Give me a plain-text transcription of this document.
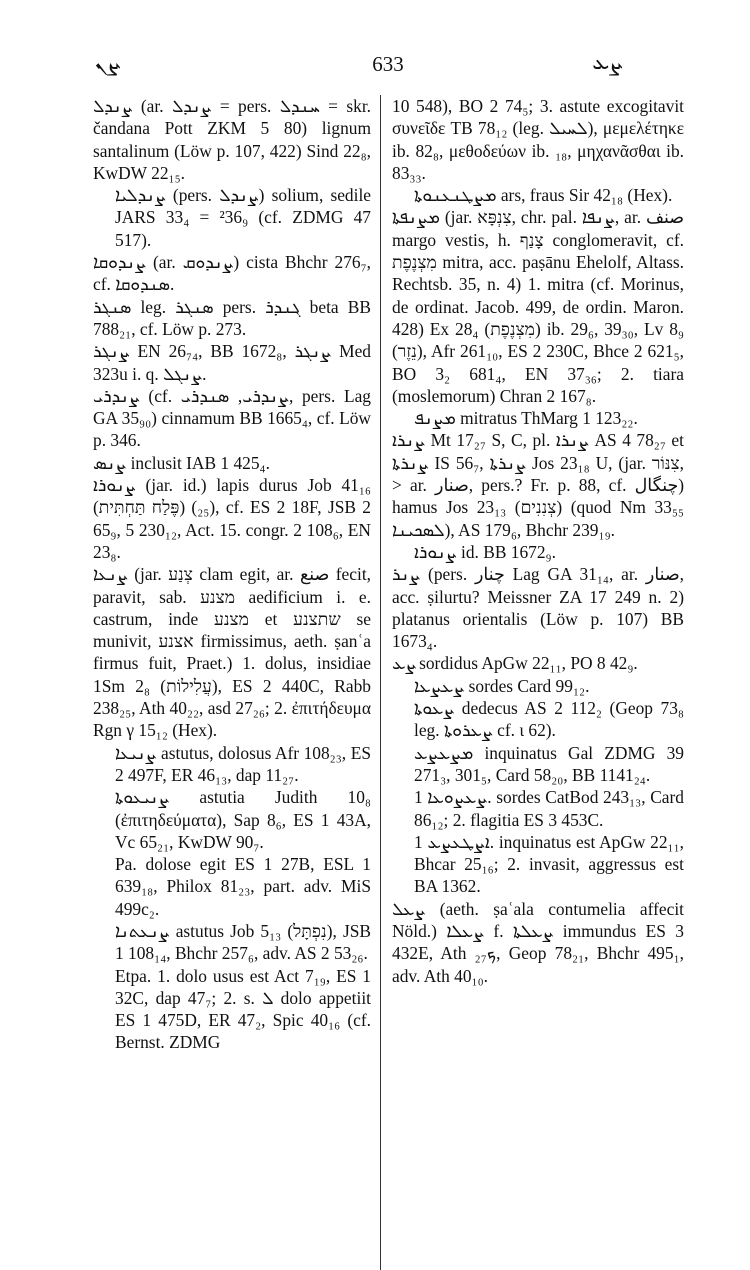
ܨܢ	633	ܨܥ

ܨܢܕܠ (ar. ܨܢܕܠ = pers. ܚܢܕܠ = skr. čandana Pott ZKM 5 80) lignum santalinum (Löw p. 107, 422) Sind 22₈, KwDW 22₁₅.

ܨܢܕܠܝܐ (pers. ܨܢܕܠ) solium, sedile JARS 33₄ = ²36₉ (cf. ZDMG 47 517).

ܨܢܕܘܩܐ (ar. ܨܢܕܘܩ) cista Bhchr 276₇, cf. ܣܢܕܘܩܐ.

ܣܢܓܪ leg. ܣܢܓܪ pers. ܓܢܕܪ beta BB 788₂₁, cf. Löw p. 273.

ܨܢܓܪ EN 26₇₄, BB 1672₈, ܨܢܓܪ Med 323u i. q. ܨܢܓܠ.

ܨܢܕܪܝ (cf. ܨܢܕܪܝ, ܣܢܕܪܝ, pers. Lag GA 35₉₀) cinnamum BB 1665₄, cf. Löw p. 346.

ܨܢܣ inclusit IAB 1 425₄.

ܨܢܘܪܐ (jar. id.) lapis durus Job 41₁₆ (פֶּלַח תַּחְתִּית) (₂₅), cf. ES 2 18F, JSB 2 65₉, 5 230₁₂, Act. 15. congr. 2 108₆, EN 23₈.

ܨܢܥܐ (jar. צְנַע clam egit, ar. صنع fecit, paravit, sab. מצנע aedificium i. e. castrum, inde מצנע et שתצנע se munivit, אצנע firmissimus, aeth. ṣanʿa firmus fuit, Praet.) 1. dolus, insidiae 1Sm 2₈ (עֲלִילוֹת), ES 2 440C, Rabb 238₂₅, Ath 40₂₂, asd 27₂₆; 2. ἐπιτήδευμα Rgn γ 15₁₂ (Hex).

ܨܢܝܥܐ astutus, dolosus Afr 108₂₃, ES 2 497F, ER 46₁₃, dap 11₂₇.

ܨܢܝܥܘܬܐ astutia Judith 10₈ (ἐπιτηδεύματα), Sap 8₆, ES 1 43A, Vc 65₂₁, KwDW 90₇.

Pa. dolose egit ES 1 27B, ESL 1 639₁₈, Philox 81₂₃, part. adv. MiS 499c₂.

ܨܢܥܬܢܐ astutus Job 5₁₃ (נִפְתָּל), JSB 1 108₁₄, Bhchr 257₆, adv. AS 2 53₂₆.

Etpa. 1. dolo usus est Act 7₁₉, ES 1 32C, dap 47₇; 2. s. ܠ dolo appetiit ES 1 475D, ER 47₂, Spic 40₁₆ (cf. Bernst. ZDMG

10 548), BO 2 74₅; 3. astute excogitavit συνεῖδε TB 78₁₂ (leg. ܠܚܝܠ), μεμελέτηκε ib. 82₈, μεθοδεύων ib. ₁₈, μηχανᾶσθαι ib. 83₃₃.

ܡܨܛܢܥܢܘܬܐ ars, fraus Sir 42₁₈ (Hex).

ܡܨܢܦܬܐ (jar. צִנְפָּא, chr. pal. ܨܢܦܐ, ar. صنف margo vestis, h. צָנַף conglomeravit, cf. מִצְנֶפֶת mitra, acc. paṣānu Ehelolf, Altass. Rechtsb. 35, n. 4) 1. mitra (cf. Morinus, de ordinat. Jacob. 499, de ordin. Maron. 428) Ex 28₄ (מִצְנֶפֶת) ib. 29₆, 39₃₀, Lv 8₉ (נֵזֶר), Afr 261₁₀, ES 2 230C, Bhce 2 621₅, BO 3₂ 681₄, EN 37₃₆; 2. tiara (moslemorum) Chran 2 167₈.

ܡܨܢܦ mitratus ThMarg 1 123₂₂.

ܨܢܪܐ Mt 17₂₇ S, C, pl. ܨܢܪܐ AS 4 78₂₇ et ܨܢܪܬܐ IS 56₇, ܨܢܪܬܐ Jos 23₁₈ U, (jar. צִנּוֹר, > ar. صنار, pers.? Fr. p. 88, cf. چنگال) hamus Jos 23₁₃ (צְנִנִים) (quod Nm 33₅₅ ܠܣܟܝܢܐ), AS 179₆, Bhchr 239₁₉.

ܨܢܘܪܐ id. BB 1672₉.

ܨܢܪ (pers. چنار Lag GA 31₁₄, ar. صنار, acc. ṣilurtu? Meissner ZA 17 249 n. 2) platanus orientalis (Löw p. 107) BB 1673₄.

ܨܥ sordidus ApGw 22₁₁, PO 8 42₉.

ܨܥܨܥܐ sordes Card 99₁₂.

ܨܥܘܬܐ dedecus AS 2 112₂ (Geop 73₈ leg. ܨܥܪܘܬܐ cf. ι 62).

ܡܨܥܨܥ inquinatus Gal ZDMG 39 271₃, 301₅, Card 58₂₀, BB 1141₂₄.

ܨܥܨܘܥܐ 1. sordes CatBod 243₁₃, Card 86₁₂; 2. flagitia ES 3 453C.

ܐܨܛܥܨܥ 1. inquinatus est ApGw 22₁₁, Bhcar 25₁₆; 2. invasit, aggressus est BA 1362.

ܨܥܠ (aeth. ṣaʿala contumelia affecit Nöld.) ܨܥܠܐ f. ܨܥܠܬܐ immundus ES 3 432E, Ath ܟ₂₇, Geop 78₂₁, Bhchr 495₁, adv. Ath 40₁₀.
